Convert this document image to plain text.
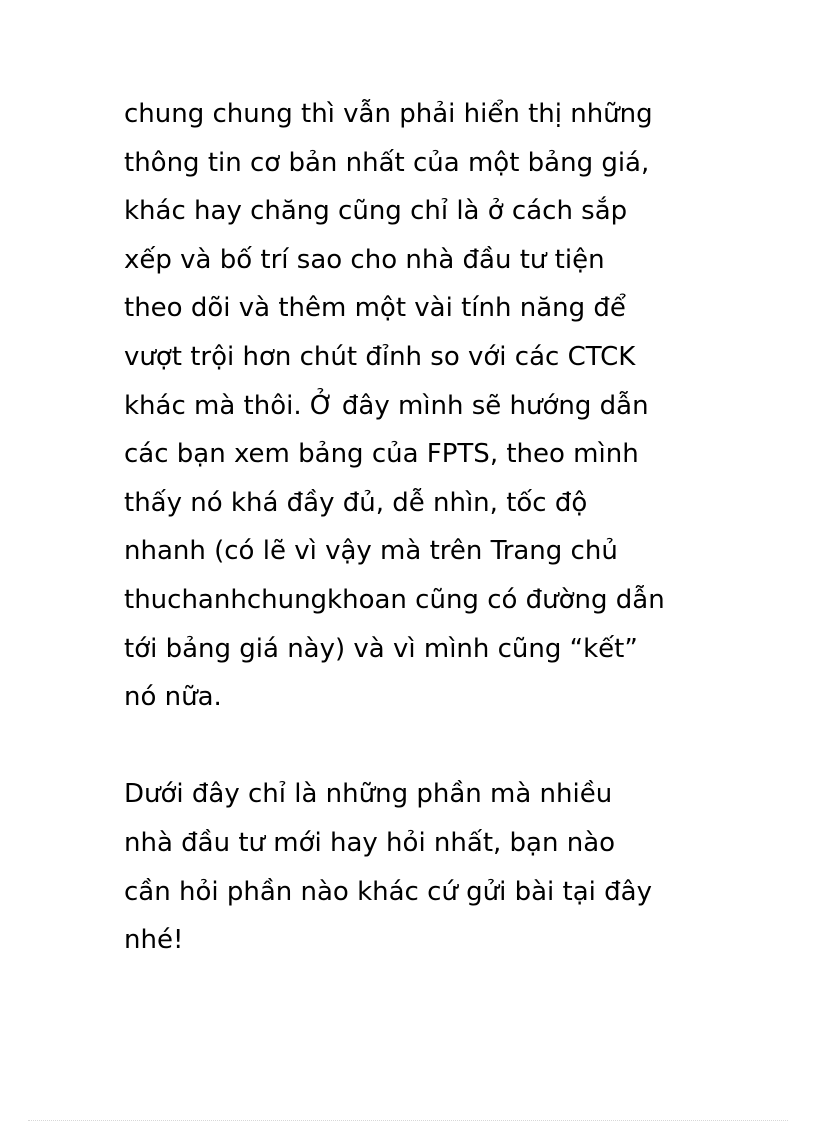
chung chung thì vẫn phải hiển thị những
thông tin cơ bản nhất của một bảng giá,
khác hay chăng cũng chỉ là ở cách sắp
xếp và bố trí sao cho nhà đầu tư tiện
theo dõi và thêm một vài tính năng để
vượt trội hơn chút đỉnh so với các CTCK
khác mà thôi. Ở đây mình sẽ hướng dẫn
các bạn xem bảng của FPTS, theo mình
thấy nó khá đầy đủ, dễ nhìn, tốc độ
nhanh (có lẽ vì vậy mà trên Trang chủ
thuchanhchungkhoan cũng có đường dẫn
tới bảng giá này) và vì mình cũng “kết”
nó nữa.

Dưới đây chỉ là những phần mà nhiều
nhà đầu tư mới hay hỏi nhất, bạn nào
cần hỏi phần nào khác cứ gửi bài tại đây
nhé!
